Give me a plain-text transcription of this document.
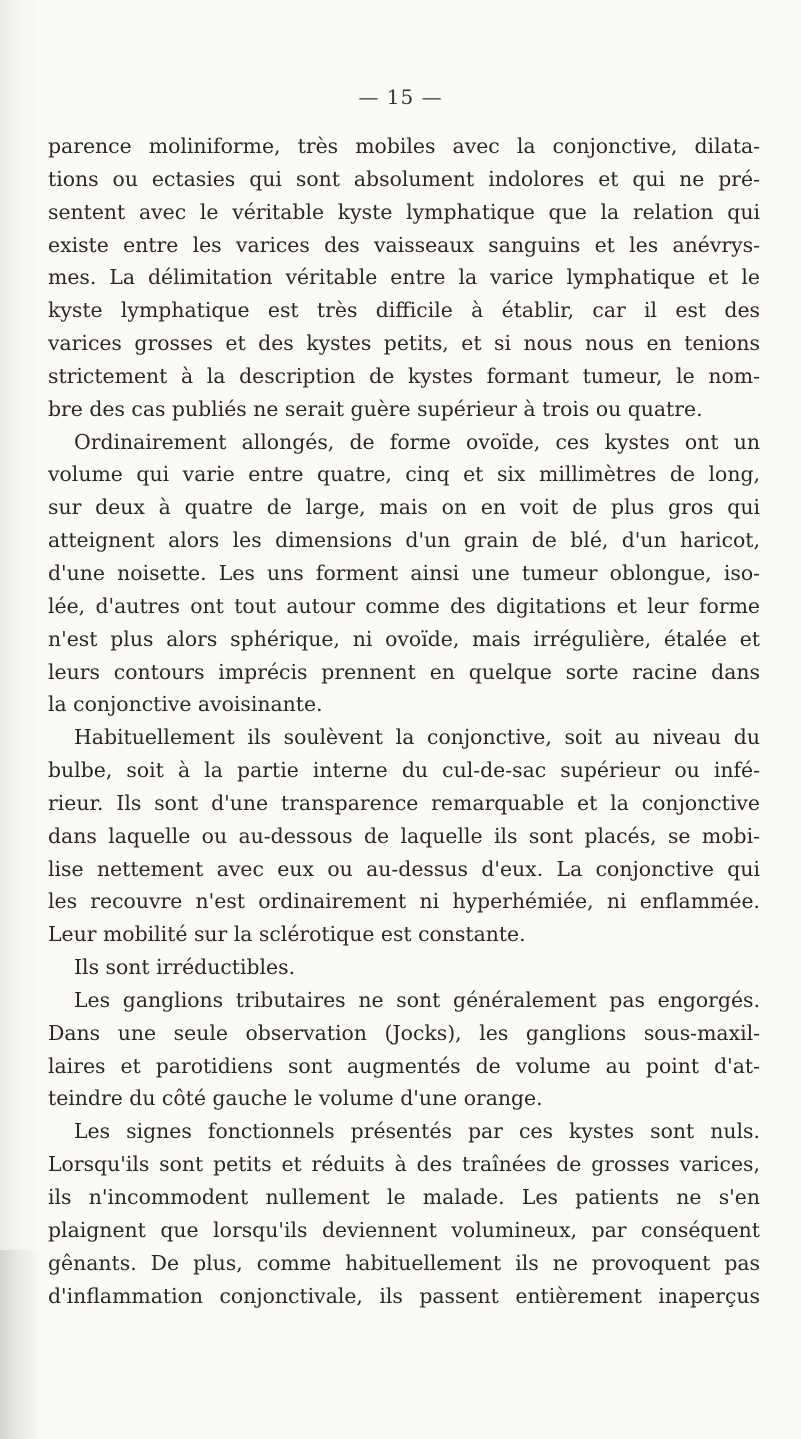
— 15 —
parence moliniforme, très mobiles avec la conjonctive, dilata-
tions ou ectasies qui sont absolument indolores et qui ne pré-
sentent avec le véritable kyste lymphatique que la relation qui
existe entre les varices des vaisseaux sanguins et les anévrys-
mes. La délimitation véritable entre la varice lymphatique et le
kyste lymphatique est très difficile à établir, car il est des
varices grosses et des kystes petits, et si nous nous en tenions
strictement à la description de kystes formant tumeur, le nom-
bre des cas publiés ne serait guère supérieur à trois ou quatre.
Ordinairement allongés, de forme ovoïde, ces kystes ont un
volume qui varie entre quatre, cinq et six millimètres de long,
sur deux à quatre de large, mais on en voit de plus gros qui
atteignent alors les dimensions d'un grain de blé, d'un haricot,
d'une noisette. Les uns forment ainsi une tumeur oblongue, iso-
lée, d'autres ont tout autour comme des digitations et leur forme
n'est plus alors sphérique, ni ovoïde, mais irrégulière, étalée et
leurs contours imprécis prennent en quelque sorte racine dans
la conjonctive avoisinante.
Habituellement ils soulèvent la conjonctive, soit au niveau du
bulbe, soit à la partie interne du cul-de-sac supérieur ou infé-
rieur. Ils sont d'une transparence remarquable et la conjonctive
dans laquelle ou au-dessous de laquelle ils sont placés, se mobi-
lise nettement avec eux ou au-dessus d'eux. La conjonctive qui
les recouvre n'est ordinairement ni hyperhémiée, ni enflammée.
Leur mobilité sur la sclérotique est constante.
Ils sont irréductibles.
Les ganglions tributaires ne sont généralement pas engorgés.
Dans une seule observation (Jocks), les ganglions sous-maxil-
laires et parotidiens sont augmentés de volume au point d'at-
teindre du côté gauche le volume d'une orange.
Les signes fonctionnels présentés par ces kystes sont nuls.
Lorsqu'ils sont petits et réduits à des traînées de grosses varices,
ils n'incommodent nullement le malade. Les patients ne s'en
plaignent que lorsqu'ils deviennent volumineux, par conséquent
gênants. De plus, comme habituellement ils ne provoquent pas
d'inflammation conjonctivale, ils passent entièrement inaperçus
